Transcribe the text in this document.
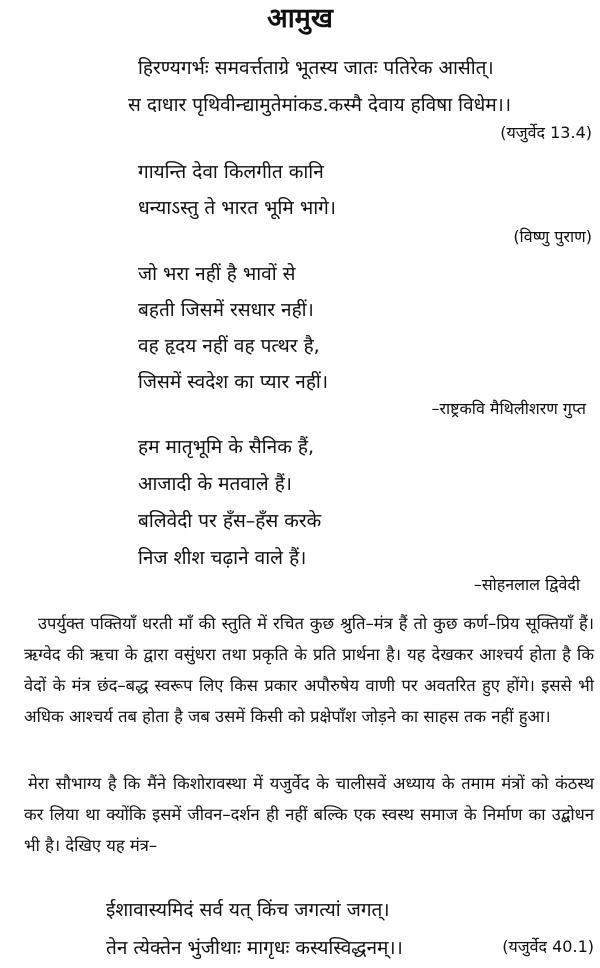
आमुख
हिरण्यगर्भः समवर्त्तताग्रे भूतस्य जातः पतिरेक आसीत्।
स दाधार पृथिवीन्द्यामुतेमांकड.कस्मै देवाय हविषा विधेम।।
(यजुर्वेद 13.4)
गायन्ति देवा किलगीत कानि
धन्याऽस्तु ते भारत भूमि भागे।
(विष्णु पुराण)
जो भरा नहीं है भावों से
बहती जिसमें रसधार नहीं।
वह हृदय नहीं वह पत्थर है,
जिसमें स्वदेश का प्यार नहीं।
–राष्ट्रकवि मैथिलीशरण गुप्त
हम मातृभूमि के सैनिक हैं,
आजादी के मतवाले हैं।
बलिवेदी पर हँस–हँस करके
निज शीश चढ़ाने वाले हैं।
–सोहनलाल द्विवेदी
उपर्युक्त पक्तियाँ धरती माँ की स्तुति में रचित कुछ श्रुति–मंत्र हैं तो कुछ कर्ण–प्रिय सूक्तियाँ हैं। ऋग्वेद की ऋचा के द्वारा वसुंधरा तथा प्रकृति के प्रति प्रार्थना है। यह देखकर आश्चर्य होता है कि वेदों के मंत्र छंद–बद्ध स्वरूप लिए किस प्रकार अपौरुषेय वाणी पर अवतरित हुए होंगे। इससे भी अधिक आश्चर्य तब होता है जब उसमें किसी को प्रक्षेपाँश जोड़ने का साहस तक नहीं हुआ।
मेरा सौभाग्य है कि मैंने किशोरावस्था में यजुर्वेद के चालीसवें अध्याय के तमाम मंत्रों को कंठस्थ कर लिया था क्योंकि इसमें जीवन–दर्शन ही नहीं बल्कि एक स्वस्थ समाज के निर्माण का उद्बोधन भी है। देखिए यह मंत्र–
ईशावास्यमिदं सर्व यत् किंच जगत्यां जगत्।
तेन त्येक्तेन भुंजीथाः मागृधः कस्यस्विद्धनम्।।	(यजुर्वेद 40.1)
